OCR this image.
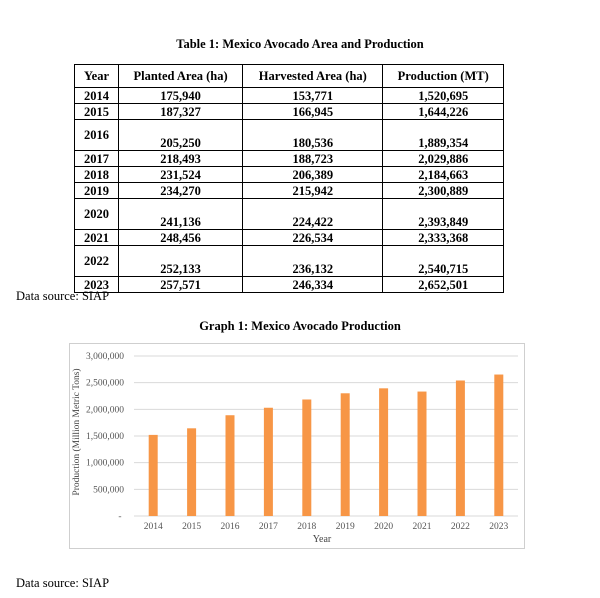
Table 1: Mexico Avocado Area and Production
Year	Planted Area (ha)	Harvested Area (ha)	Production (MT)
2014	175,940	153,771	1,520,695
2015	187,327	166,945	1,644,226
2016	205,250	180,536	1,889,354
2017	218,493	188,723	2,029,886
2018	231,524	206,389	2,184,663
2019	234,270	215,942	2,300,889
2020	241,136	224,422	2,393,849
2021	248,456	226,534	2,333,368
2022	252,133	236,132	2,540,715
2023	257,571	246,334	2,652,501
Data source: SIAP
Graph 1: Mexico Avocado Production
-
500,000
1,000,000
1,500,000
2,000,000
2,500,000
3,000,000
2014 2015 2016 2017 2018 2019 2020 2021 2022 2023
Production (Million Metric Tons)
Year
Data source: SIAP
